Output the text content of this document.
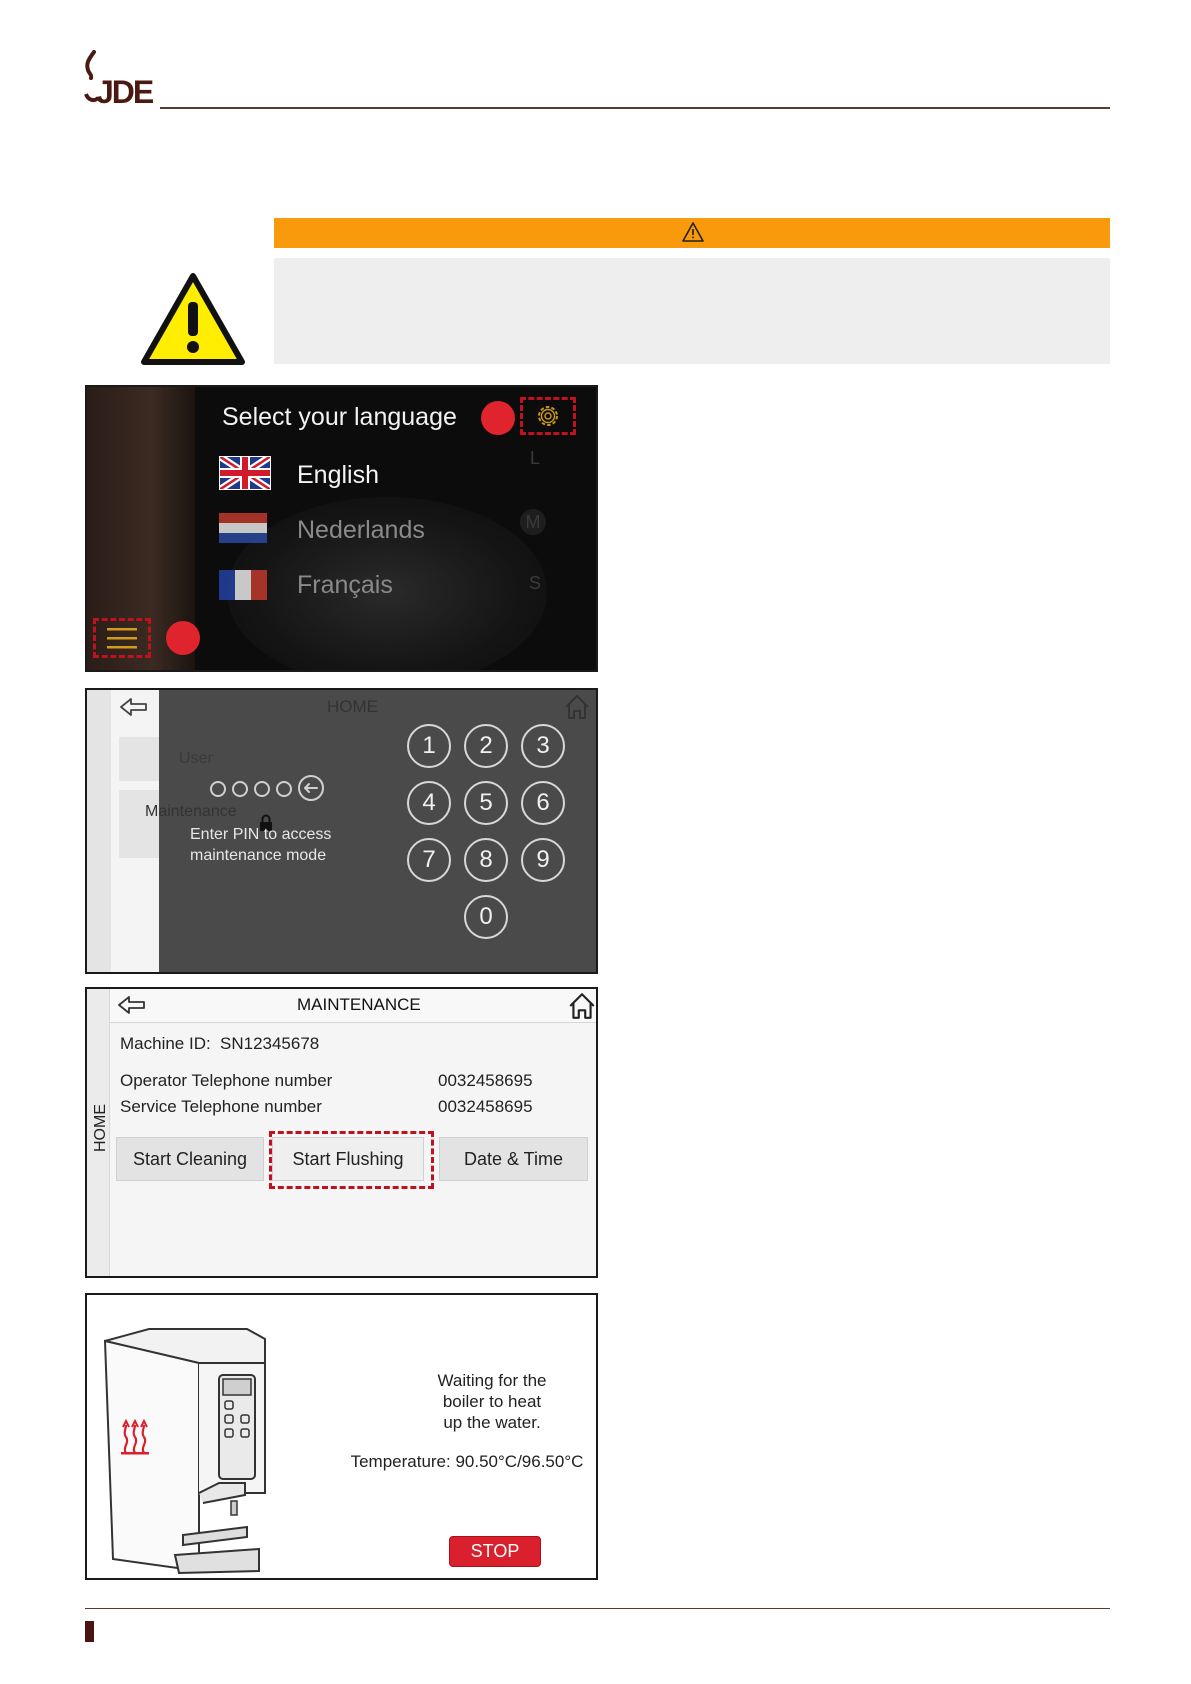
JDE
L
M
S
Select your language
English
Nederlands
Français
HOME
User
Maintenance
Enter PIN to access
maintenance mode
1	2	3
4	5	6
7	8	9
0
HOME
MAINTENANCE
Machine ID: SN12345678
Operator Telephone number	0032458695
Service Telephone number	0032458695
Start Cleaning	Start Flushing	Date & Time
Waiting for the
boiler to heat
up the water.
Temperature: 90.50°C/96.50°C
STOP
